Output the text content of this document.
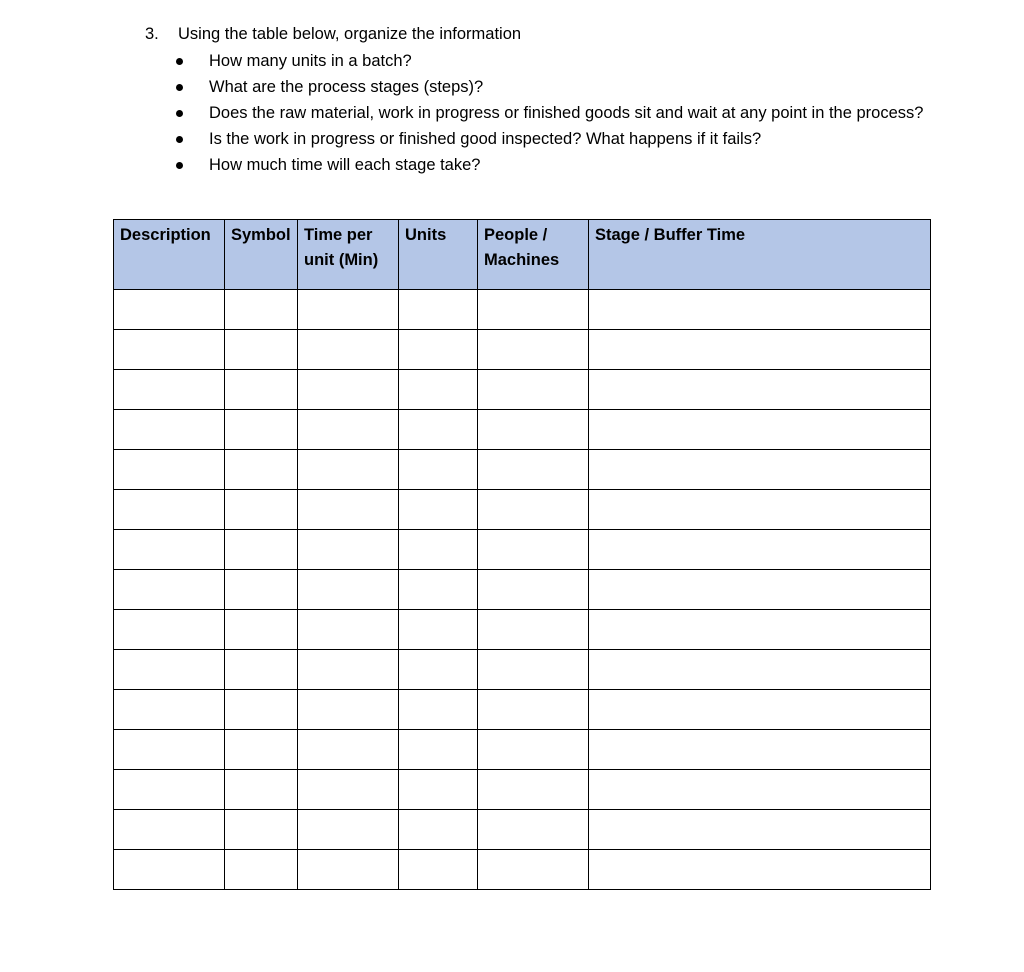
3. Using the table below, organize the information
How many units in a batch?
What are the process stages (steps)?
Does the raw material, work in progress or finished goods sit and wait at any point in the process?
Is the work in progress or finished good inspected? What happens if it fails?
How much time will each stage take?
Description	Symbol	Time per unit (Min)	Units	People / Machines	Stage / Buffer Time
